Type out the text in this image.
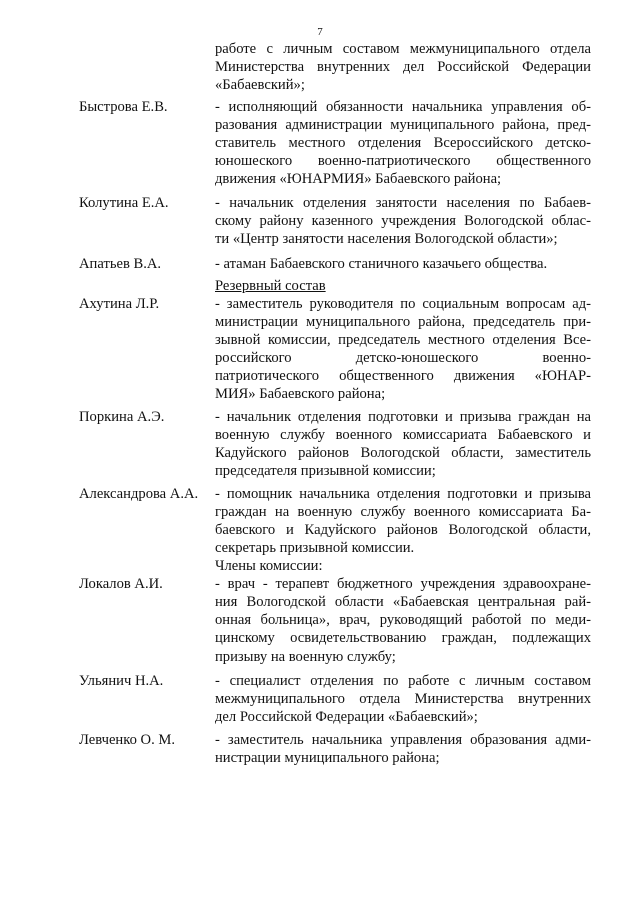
7
работе с личным составом межмуниципального отдела
Министерства внутренних дел Российской Федерации
«Бабаевский»;
Быстрова Е.В.	- исполняющий обязанности начальника управления об-
разования администрации муниципального района, пред-
ставитель местного отделения Всероссийского детско-
юношеского военно-патриотического общественного
движения «ЮНАРМИЯ» Бабаевского района;
Колутина Е.А.	- начальник отделения занятости населения по Бабаев-
скому району казенного учреждения Вологодской облас-
ти «Центр занятости населения Вологодской области»;
Апатьев В.А.	- атаман Бабаевского станичного казачьего общества.
Резервный состав
Ахутина Л.Р.	- заместитель руководителя по социальным вопросам ад-
министрации муниципального района, председатель при-
зывной комиссии, председатель местного отделения Все-
российского детско-юношеского военно-
патриотического общественного движения «ЮНАР-
МИЯ» Бабаевского района;
Поркина А.Э.	- начальник отделения подготовки и призыва граждан на
военную службу военного комиссариата Бабаевского и
Кадуйского районов Вологодской области, заместитель
председателя призывной комиссии;
Александрова А.А.	- помощник начальника отделения подготовки и призыва
граждан на военную службу военного комиссариата Ба-
баевского и Кадуйского районов Вологодской области,
секретарь призывной комиссии.
Члены комиссии:
Локалов А.И.	- врач - терапевт бюджетного учреждения здравоохране-
ния Вологодской области «Бабаевская центральная рай-
онная больница», врач, руководящий работой по меди-
цинскому освидетельствованию граждан, подлежащих
призыву на военную службу;
Ульянич Н.А.	- специалист отделения по работе с личным составом
межмуниципального отдела Министерства внутренних
дел Российской Федерации «Бабаевский»;
Левченко О. М.	- заместитель начальника управления образования адми-
нистрации муниципального района;
